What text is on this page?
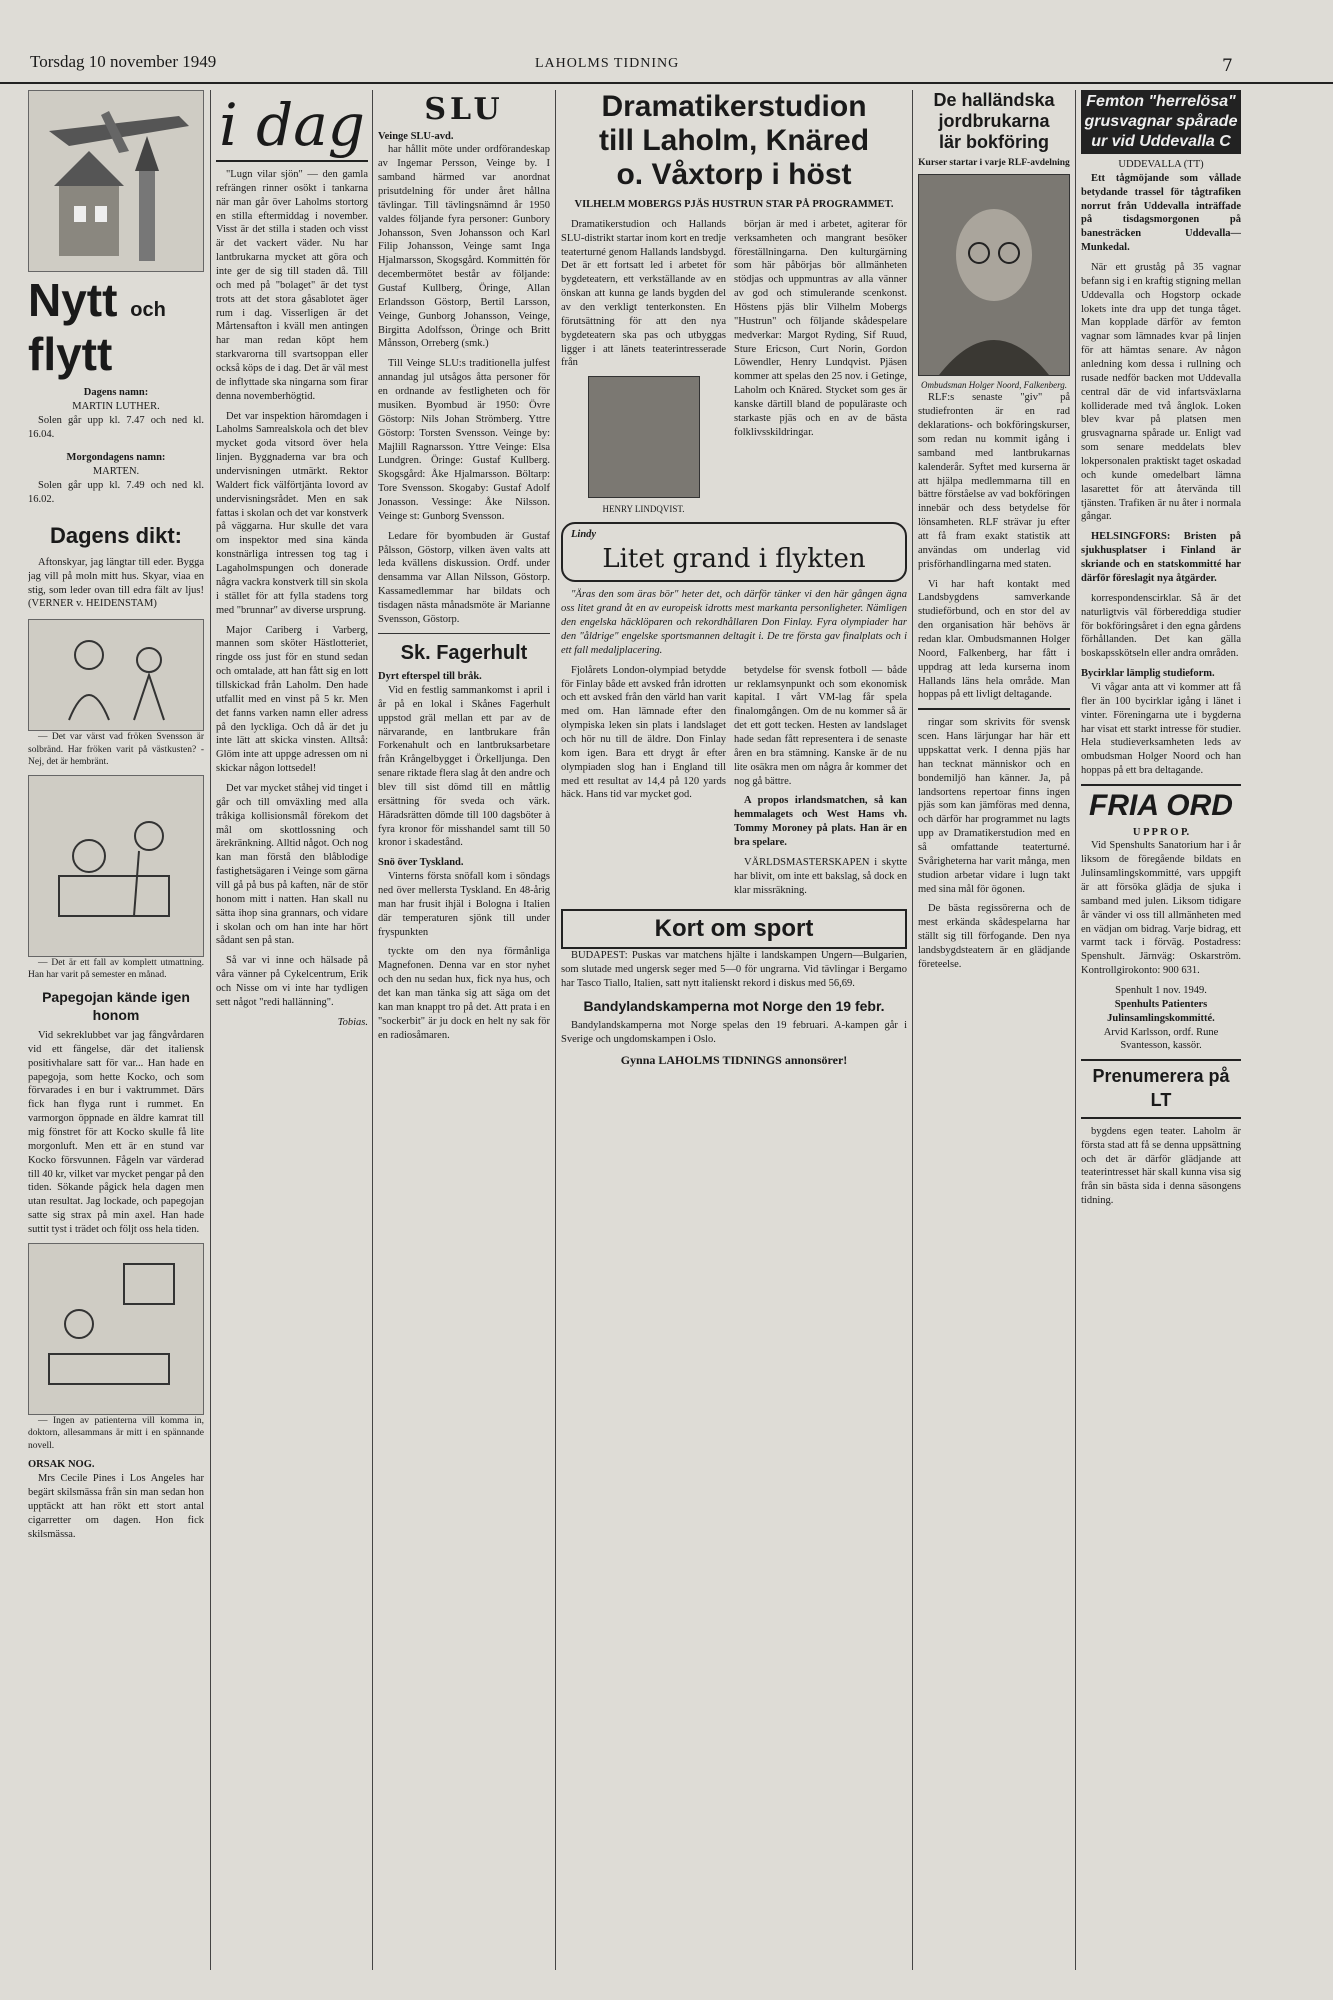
Torsdag 10 november 1949	LAHOLMS TIDNING	7
Nytt och flytt
Dagens namn:
MARTIN LUTHER.

Solen går upp kl. 7.47 och ned kl. 16.04.

Morgondagens namn:
MARTEN.

Solen går upp kl. 7.49 och ned kl. 16.02.

Dagens dikt:

Aftonskyar, jag längtar till eder. Bygga jag vill på moln mitt hus. Skyar, viaa en stig, som leder ovan till edra fält av ljus! (VERNER v. HEIDENSTAM)

— Det var värst vad fröken Svensson är solbränd. Har fröken varit på västkusten? - Nej, det är hembränt.

— Det är ett fall av komplett utmattning. Han har varit på semester en månad.

Papegojan kände igen honom

Vid sekreklubbet var jag fångvårdaren vid ett fängelse, där det italiensk positivhalare satt för var... Han hade en papegoja, som hette Kocko, och som förvarades i en bur i vaktrummet. Därs fick han flyga runt i rummet. En varmorgon öppnade en äldre kamrat till mig fönstret för att Kocko skulle få lite morgonluft. Men ett är en stund var Kocko försvunnen. Fågeln var värderad till 40 kr, vilket var mycket pengar på den tiden. Sökande pågick hela dagen men utan resultat. Jag lockade, och papegojan satte sig strax på min axel. Han hade suttit tyst i trädet och följt oss hela tiden.

— Ingen av patienterna vill komma in, doktorn, allesammans är mitt i en spännande novell.

ORSAK NOG.

Mrs Cecile Pines i Los Angeles har begärt skilsmässa från sin man sedan hon upptäckt att han rökt ett stort antal cigarretter om dagen. Hon fick skilsmässa.

i dag

"Lugn vilar sjön" — den gamla refrängen rinner osökt i tankarna när man går över Laholms stortorg en stilla eftermiddag i november. Visst är det stilla i staden och visst är det vackert väder. Nu har lantbrukarna mycket att göra och inte ger de sig till staden då. Till och med på "bolaget" är det tyst trots att det stora gåsablotet äger rum i dag. Visserligen är det Mårtensafton i kväll men antingen har man redan köpt hem starkvarorna till svartsoppan eller också köps de i dag. Det är väl mest de inflyttade ska ningarna som firar denna novemberhögtid.

Det var inspektion häromdagen i Laholms Samrealskola och det blev mycket goda vitsord över hela linjen. Byggnaderna var bra och undervisningen utmärkt. Rektor Waldert fick välförtjänta lovord av undervisningsrådet. Men en sak fattas i skolan och det var konstverk på väggarna. Hur skulle det vara om inspektor med sina kända konstnärliga intressen tog tag i Lagaholmspungen och donerade några vackra konstverk till sin skola i stället för att fylla stadens torg med "brunnar" av diverse ursprung.

Major Cariberg i Varberg, mannen som sköter Hästlotteriet, ringde oss just för en stund sedan och omtalade, att han fått sig en lott tillskickad från Laholm. Den hade utfallit med en vinst på 5 kr. Men det fanns varken namn eller adress på den lyckliga. Och då är det ju inte lätt att skicka vinsten. Alltså: Glöm inte att uppge adressen om ni skickar någon lottsedel!

Det var mycket ståhej vid tinget i går och till omväxling med alla tråkiga kollisionsmål förekom det mål om skottlossning och ärekränkning. Alltid något. Och nog kan man förstå den blåblodige fastighetsägaren i Veinge som gärna vill gå på bus på kaften, när de stör honom mitt i natten. Han skall nu sätta ihop sina grannars, och vidare i skolan och om han inte har hört sådant sen på stan.

Så var vi inne och hälsade på våra vänner på Cykelcentrum, Erik och Nisse om vi inte har tydligen sett något "redi hallänning".

Tobias.
SLU
Veinge SLU-avd.

har hållit möte under ordförandeskap av Ingemar Persson, Veinge by. I samband härmed var anordnat prisutdelning för under året hållna tävlingar. Till tävlingsnämnd år 1950 valdes följande fyra personer: Gunbory Johansson, Sven Johansson och Karl Filip Johansson, Veinge samt Inga Hjalmarsson, Skogsgård. Kommittén för decembermötet består av följande: Gustaf Kullberg, Öringe, Allan Erlandsson Göstorp, Bertil Larsson, Veinge, Gunborg Johansson, Veinge, Birgitta Adolfsson, Öringe och Britt Månsson, Orreberg (smk.)

Till Veinge SLU:s traditionella julfest annandag jul utsågos åtta personer för en ordnande av festligheten och för musiken. Byombud är 1950: Övre Göstorp: Nils Johan Strömberg. Yttre Göstorp: Torsten Svensson. Veinge by: Majlill Ragnarsson. Yttre Veinge: Elsa Lundgren. Öringe: Gustaf Kullberg. Skogsgård: Åke Hjalmarsson. Böltarp: Tore Svensson. Skogaby: Gustaf Adolf Jonasson. Vessinge: Åke Nilsson. Veinge st: Gunborg Svensson.

Ledare för byombuden är Gustaf Pålsson, Göstorp, vilken även valts att leda kvällens diskussion. Ordf. under densamma var Allan Nilsson, Göstorp. Kassamedlemmar har bildats och tisdagen nästa månadsmöte är Marianne Svensson, Göstorp.

Sk. Fagerhult
Dyrt efterspel till bråk.

Vid en festlig sammankomst i april i år på en lokal i Skånes Fagerhult uppstod gräl mellan ett par av de närvarande, en lantbrukare från Forkenahult och en lantbruksarbetare från Krångelbygget i Örkelljunga. Den senare riktade flera slag åt den andre och blev till sist dömd till en måttlig ersättning för sveda och värk. Häradsrätten dömde till 100 dagsböter à fyra kronor för misshandel samt till 50 kronor i skadestånd.

Snö över Tyskland.

Vinterns första snöfall kom i söndags ned över mellersta Tyskland. En 48-årig man har frusit ihjäl i Bologna i Italien där temperaturen sjönk till under fryspunkten

tyckte om den nya förmånliga Magnefonen. Denna var en stor nyhet och den nu sedan hux, fick nya hus, och det kan man tänka sig att säga om det kan man knappt tro på det. Att prata i en "sockerbit" är ju dock en helt ny sak för en radiosåmaren.

Dramatikerstudion
till Laholm, Knäred
o. Våxtorp i höst
VILHELM MOBERGS PJÄS HUSTRUN STAR PÅ PROGRAMMET.

Dramatikerstudion och Hallands SLU-distrikt startar inom kort en tredje teaterturné genom Hallands landsbygd. Det är ett fortsatt led i arbetet för bygdeteatern, ett verkställande av en önskan att kunna ge lands bygden del av den verkligt tenterkonsten. En förutsättning för att den nya bygdeteatern ska pas och utbyggas ligger i att länets teaterintresserade från

HENRY LINDQVIST.

början är med i arbetet, agiterar för verksamheten och mangrant besöker föreställningarna. Den kulturgärning som här påbörjas bör allmänheten stödjas och uppmuntras av alla vänner av god och stimulerande scenkonst. Höstens pjäs blir Vilhelm Mobergs "Hustrun" och följande skådespelare medverkar: Margot Ryding, Sif Ruud, Sture Ericson, Curt Norin, Gordon Löwendler, Henry Lundqvist. Pjäsen kommer att spelas den 25 nov. i Getinge, Laholm och Knäred. Stycket som ges är kanske därtill bland de populäraste och starkaste pjäs och en av de bästa folklivsskildringar.

Lindy
Litet grand i flykten

"Äras den som äras bör" heter det, och därför tänker vi den här gången ägna oss litet grand åt en av europeisk idrotts mest markanta personligheter. Nämligen den engelska häcklöparen och rekordhållaren Don Finlay. Fyra olympiader har den "åldrige" engelske sportsmannen deltagit i. De tre första gav finalplats och i ett fall medaljplacering.

Fjolårets London-olympiad betydde för Finlay både ett avsked från idrotten och ett avsked från den värld han varit med om. Han lämnade efter den olympiska leken sin plats i landslaget och hör nu till de äldre. Don Finlay kom igen. Bara ett drygt år efter olympiaden slog han i England till med ett resultat av 14,4 på 120 yards häck. Hans tid var mycket god.

betydelse för svensk fotboll — både ur reklamsynpunkt och som ekonomisk kapital. I vårt VM-lag får spela finalomgången. Om de nu kommer så är det ett gott tecken. Hesten av landslaget hade sedan fått representera i de senaste åren en bra stämning. Kanske är de nu lite osäkra men om några år kommer det nog gå bättre.

A propos irlandsmatchen, så kan hemmalagets och West Hams vh. Tommy Moroney på plats. Han är en bra spelare.

VÄRLDSMASTERSKAPEN i skytte har blivit, om inte ett bakslag, så dock en klar missräkning.

Kort om sport

BUDAPEST: Puskas var matchens hjälte i landskampen Ungern—Bulgarien, som slutade med ungersk seger med 5—0 för ungrarna. Vid tävlingar i Bergamo har Tasco Tiallo, Italien, satt nytt italienskt rekord i diskus med 56,69.

Bandylandskamperna mot Norge den 19 febr.

Bandylandskamperna mot Norge spelas den 19 februari. A-kampen går i Sverige och ungdomskampen i Oslo.

Gynna LAHOLMS TIDNINGS annonsörer!
De halländska
jordbrukarna
lär bokföring
Kurser startar i varje RLF-avdelning
Ombudsman Holger Noord, Falkenberg.

RLF:s senaste "giv" på studiefronten är en rad deklarations- och bokföringskurser, som redan nu kommit igång i samband med lantbrukarnas kalenderår. Syftet med kurserna är att hjälpa medlemmarna till en bättre förståelse av vad bokföringen innebär och dess betydelse för lönsamheten. RLF strävar ju efter att få fram exakt statistik att användas om underlag vid prisförhandlingarna med staten.

Vi har haft kontakt med Landsbygdens samverkande studieförbund, och en stor del av den organisation här behövs är redan klar. Ombudsmannen Holger Noord, Falkenberg, har fått i uppdrag att leda kurserna inom Hallands läns hela område. Man hoppas på ett livligt deltagande.

ringar som skrivits för svensk scen. Hans lärjungar har här ett uppskattat verk. I denna pjäs har han tecknat människor och en bondemiljö han känner. Ja, på landsortens repertoar finns ingen pjäs som kan jämföras med denna, och därför har programmet nu lagts upp av Dramatikerstudion med en så omfattande teaterturné. Svårigheterna har varit många, men studion arbetar vidare i lugn takt med sina mål för ögonen.

De bästa regissörerna och de mest erkända skådespelarna har ställt sig till förfogande. Den nya landsbygdsteatern är en glädjande företeelse.

Femton "herrelösa"
grusvagnar spårade
ur vid Uddevalla C
UDDEVALLA (TT)

Ett tågmöjande som vållade betydande trassel för tågtrafiken norrut från Uddevalla inträffade på tisdagsmorgonen på banesträcken Uddevalla—Munkedal.

När ett gruståg på 35 vagnar befann sig i en kraftig stigning mellan Uddevalla och Hogstorp ockade lokets inte dra upp det tunga tåget. Man kopplade därför av femton vagnar som lämnades kvar på linjen för att hämtas senare. Av någon anledning kom dessa i rullning och rusade nedför backen mot Uddevalla central där de vid infartsväxlarna kolliderade med två ånglok. Loken blev kvar på platsen men grusvagnarna spårade ur. Enligt vad som senare meddelats blev lokpersonalen praktiskt taget oskadad och kunde omedelbart lämna lasarettet för att återvända till tjänsten. Trafiken är nu åter i normala gångar.

HELSINGFORS: Bristen på sjukhusplatser i Finland är skriande och en statskommitté har därför föreslagit nya åtgärder.

korrespondenscirklar. Så är det naturligtvis väl förbereddiga studier för bokföringsåret i den egna gårdens förhållanden. Det kan gälla boskapsskötseln eller andra områden.

Bycirklar lämplig studieform.

Vi vågar anta att vi kommer att få fler än 100 bycirklar igång i länet i vinter. Föreningarna ute i bygderna har visat ett starkt intresse för studier. Hela studieverksamheten leds av ombudsman Holger Noord och han hoppas på ett bra deltagande.

FRIA ORD
U P P R O P.

Vid Spenshults Sanatorium har i år liksom de föregående bildats en Julinsamlingskommitté, vars uppgift är att försöka glädja de sjuka i samband med julen. Liksom tidigare år vänder vi oss till allmänheten med en vädjan om bidrag. Varje bidrag, ett varmt tack i förväg. Postadress: Spenshult. Järnväg: Oskarström. Kontrollgirokonto: 900 631.

Spenhult 1 nov. 1949.
Spenhults Patienters Julinsamlingskommitté.
Arvid Karlsson, ordf. Rune Svantesson, kassör.
Prenumerera på LT

bygdens egen teater. Laholm är första stad att få se denna uppsättning och det är därför glädjande att teaterintresset här skall kunna visa sig från sin bästa sida i denna säsongens tidning.
